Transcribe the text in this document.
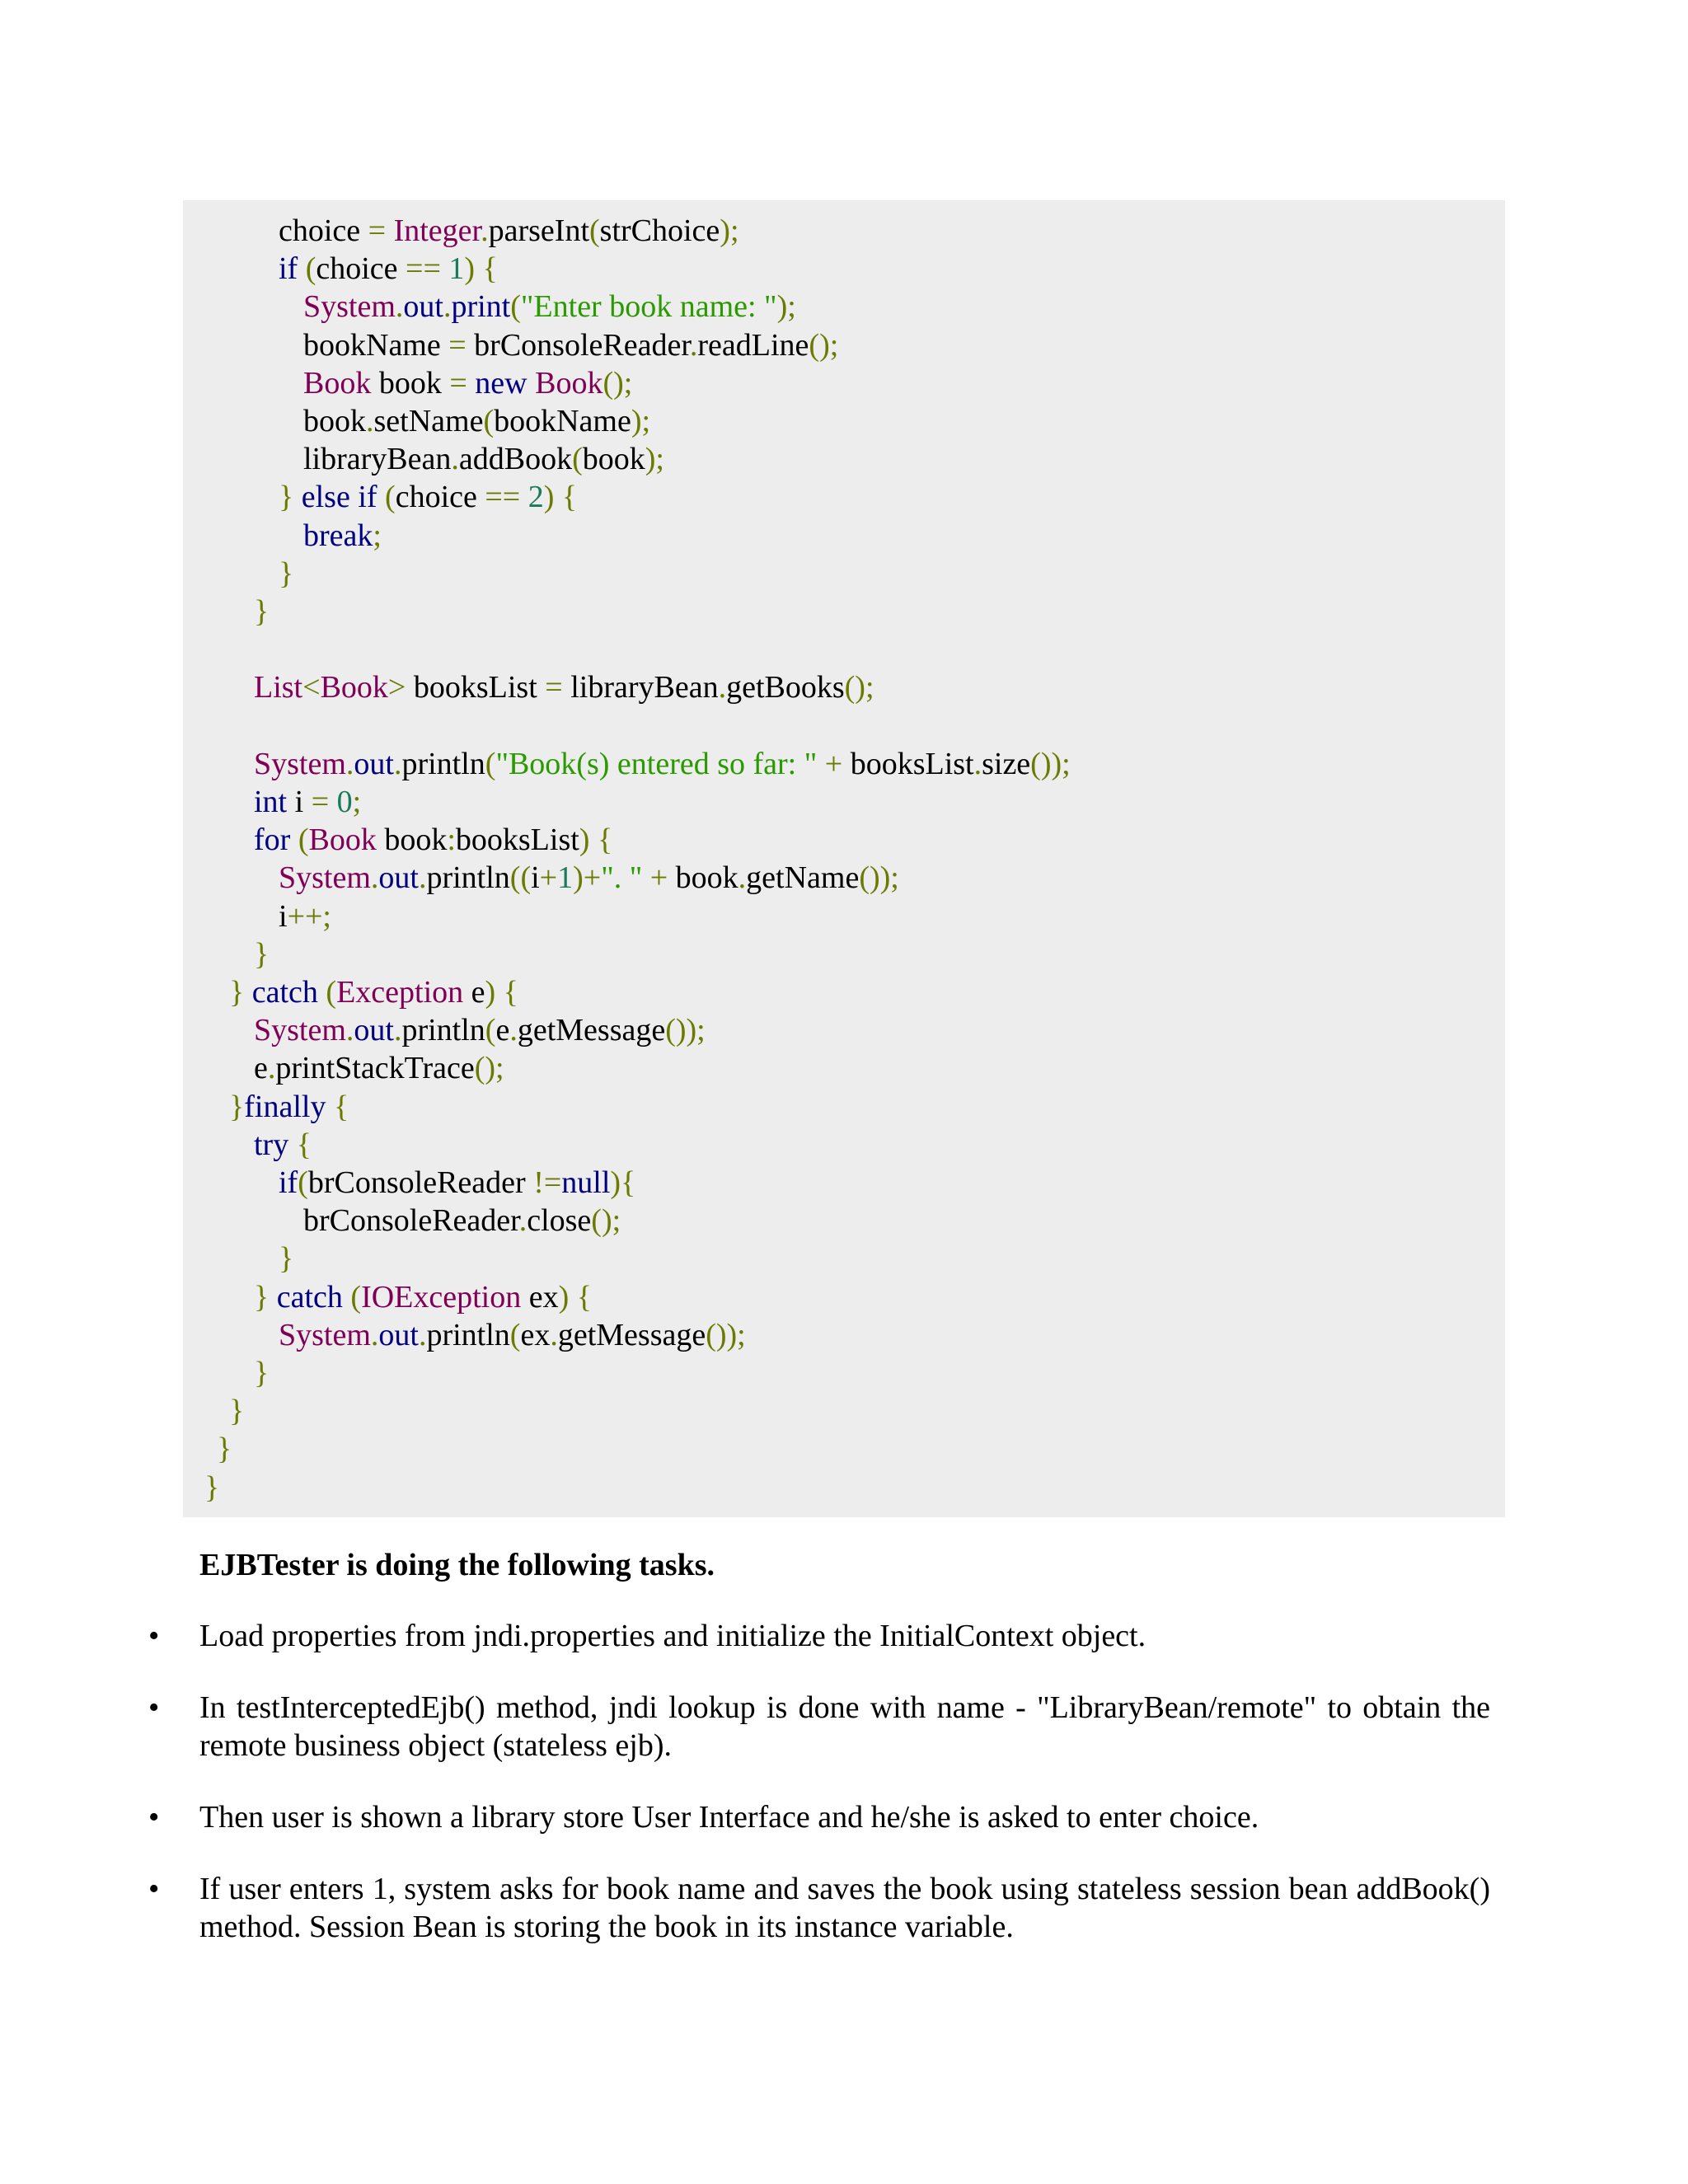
choice = Integer.parseInt(strChoice);
if (choice == 1) {
System.out.print("Enter book name: ");
bookName = brConsoleReader.readLine();
Book book = new Book();
book.setName(bookName);
libraryBean.addBook(book);
} else if (choice == 2) {
break;
}
}
List<Book> booksList = libraryBean.getBooks();
System.out.println("Book(s) entered so far: " + booksList.size());
int i = 0;
for (Book book:booksList) {
System.out.println((i+1)+". " + book.getName());
i++;
}
} catch (Exception e) {
System.out.println(e.getMessage());
e.printStackTrace();
}finally {
try {
if(brConsoleReader !=null){
brConsoleReader.close();
}
} catch (IOException ex) {
System.out.println(ex.getMessage());
}
}
}
}
EJBTester is doing the following tasks.
• Load properties from jndi.properties and initialize the InitialContext object.
• In testInterceptedEjb() method, jndi lookup is done with name - "LibraryBean/remote" to obtain the remote business object (stateless ejb).
• Then user is shown a library store User Interface and he/she is asked to enter choice.
• If user enters 1, system asks for book name and saves the book using stateless session bean addBook() method. Session Bean is storing the book in its instance variable.
